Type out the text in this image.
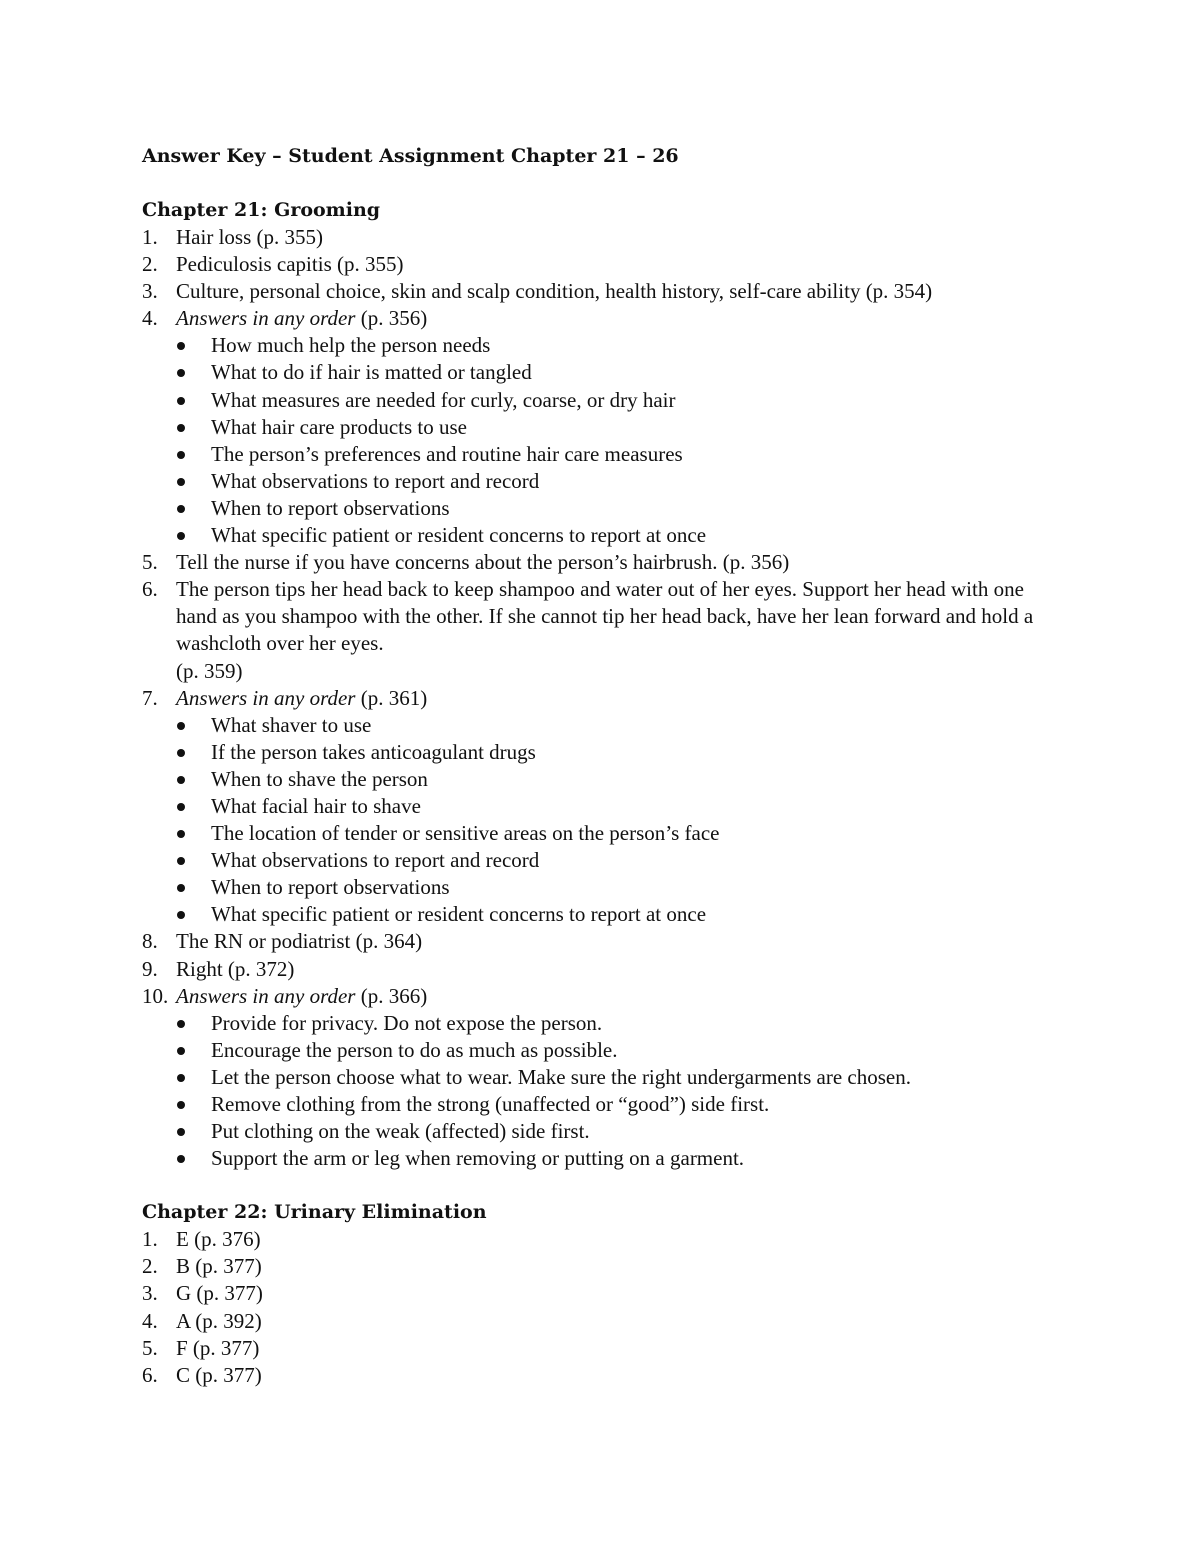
Answer Key – Student Assignment Chapter 21 – 26
Chapter 21: Grooming
1. Hair loss (p. 355)
2. Pediculosis capitis (p. 355)
3. Culture, personal choice, skin and scalp condition, health history, self-care ability (p. 354)
4. Answers in any order (p. 356)
How much help the person needs
What to do if hair is matted or tangled
What measures are needed for curly, coarse, or dry hair
What hair care products to use
The person’s preferences and routine hair care measures
What observations to report and record
When to report observations
What specific patient or resident concerns to report at once
5. Tell the nurse if you have concerns about the person’s hairbrush. (p. 356)
6. The person tips her head back to keep shampoo and water out of her eyes. Support her head with one hand as you shampoo with the other. If she cannot tip her head back, have her lean forward and hold a washcloth over her eyes.
(p. 359)
7. Answers in any order (p. 361)
What shaver to use
If the person takes anticoagulant drugs
When to shave the person
What facial hair to shave
The location of tender or sensitive areas on the person’s face
What observations to report and record
When to report observations
What specific patient or resident concerns to report at once
8. The RN or podiatrist (p. 364)
9. Right (p. 372)
10. Answers in any order (p. 366)
Provide for privacy. Do not expose the person.
Encourage the person to do as much as possible.
Let the person choose what to wear. Make sure the right undergarments are chosen.
Remove clothing from the strong (unaffected or “good”) side first.
Put clothing on the weak (affected) side first.
Support the arm or leg when removing or putting on a garment.
Chapter 22: Urinary Elimination
1. E (p. 376)
2. B (p. 377)
3. G (p. 377)
4. A (p. 392)
5. F (p. 377)
6. C (p. 377)
